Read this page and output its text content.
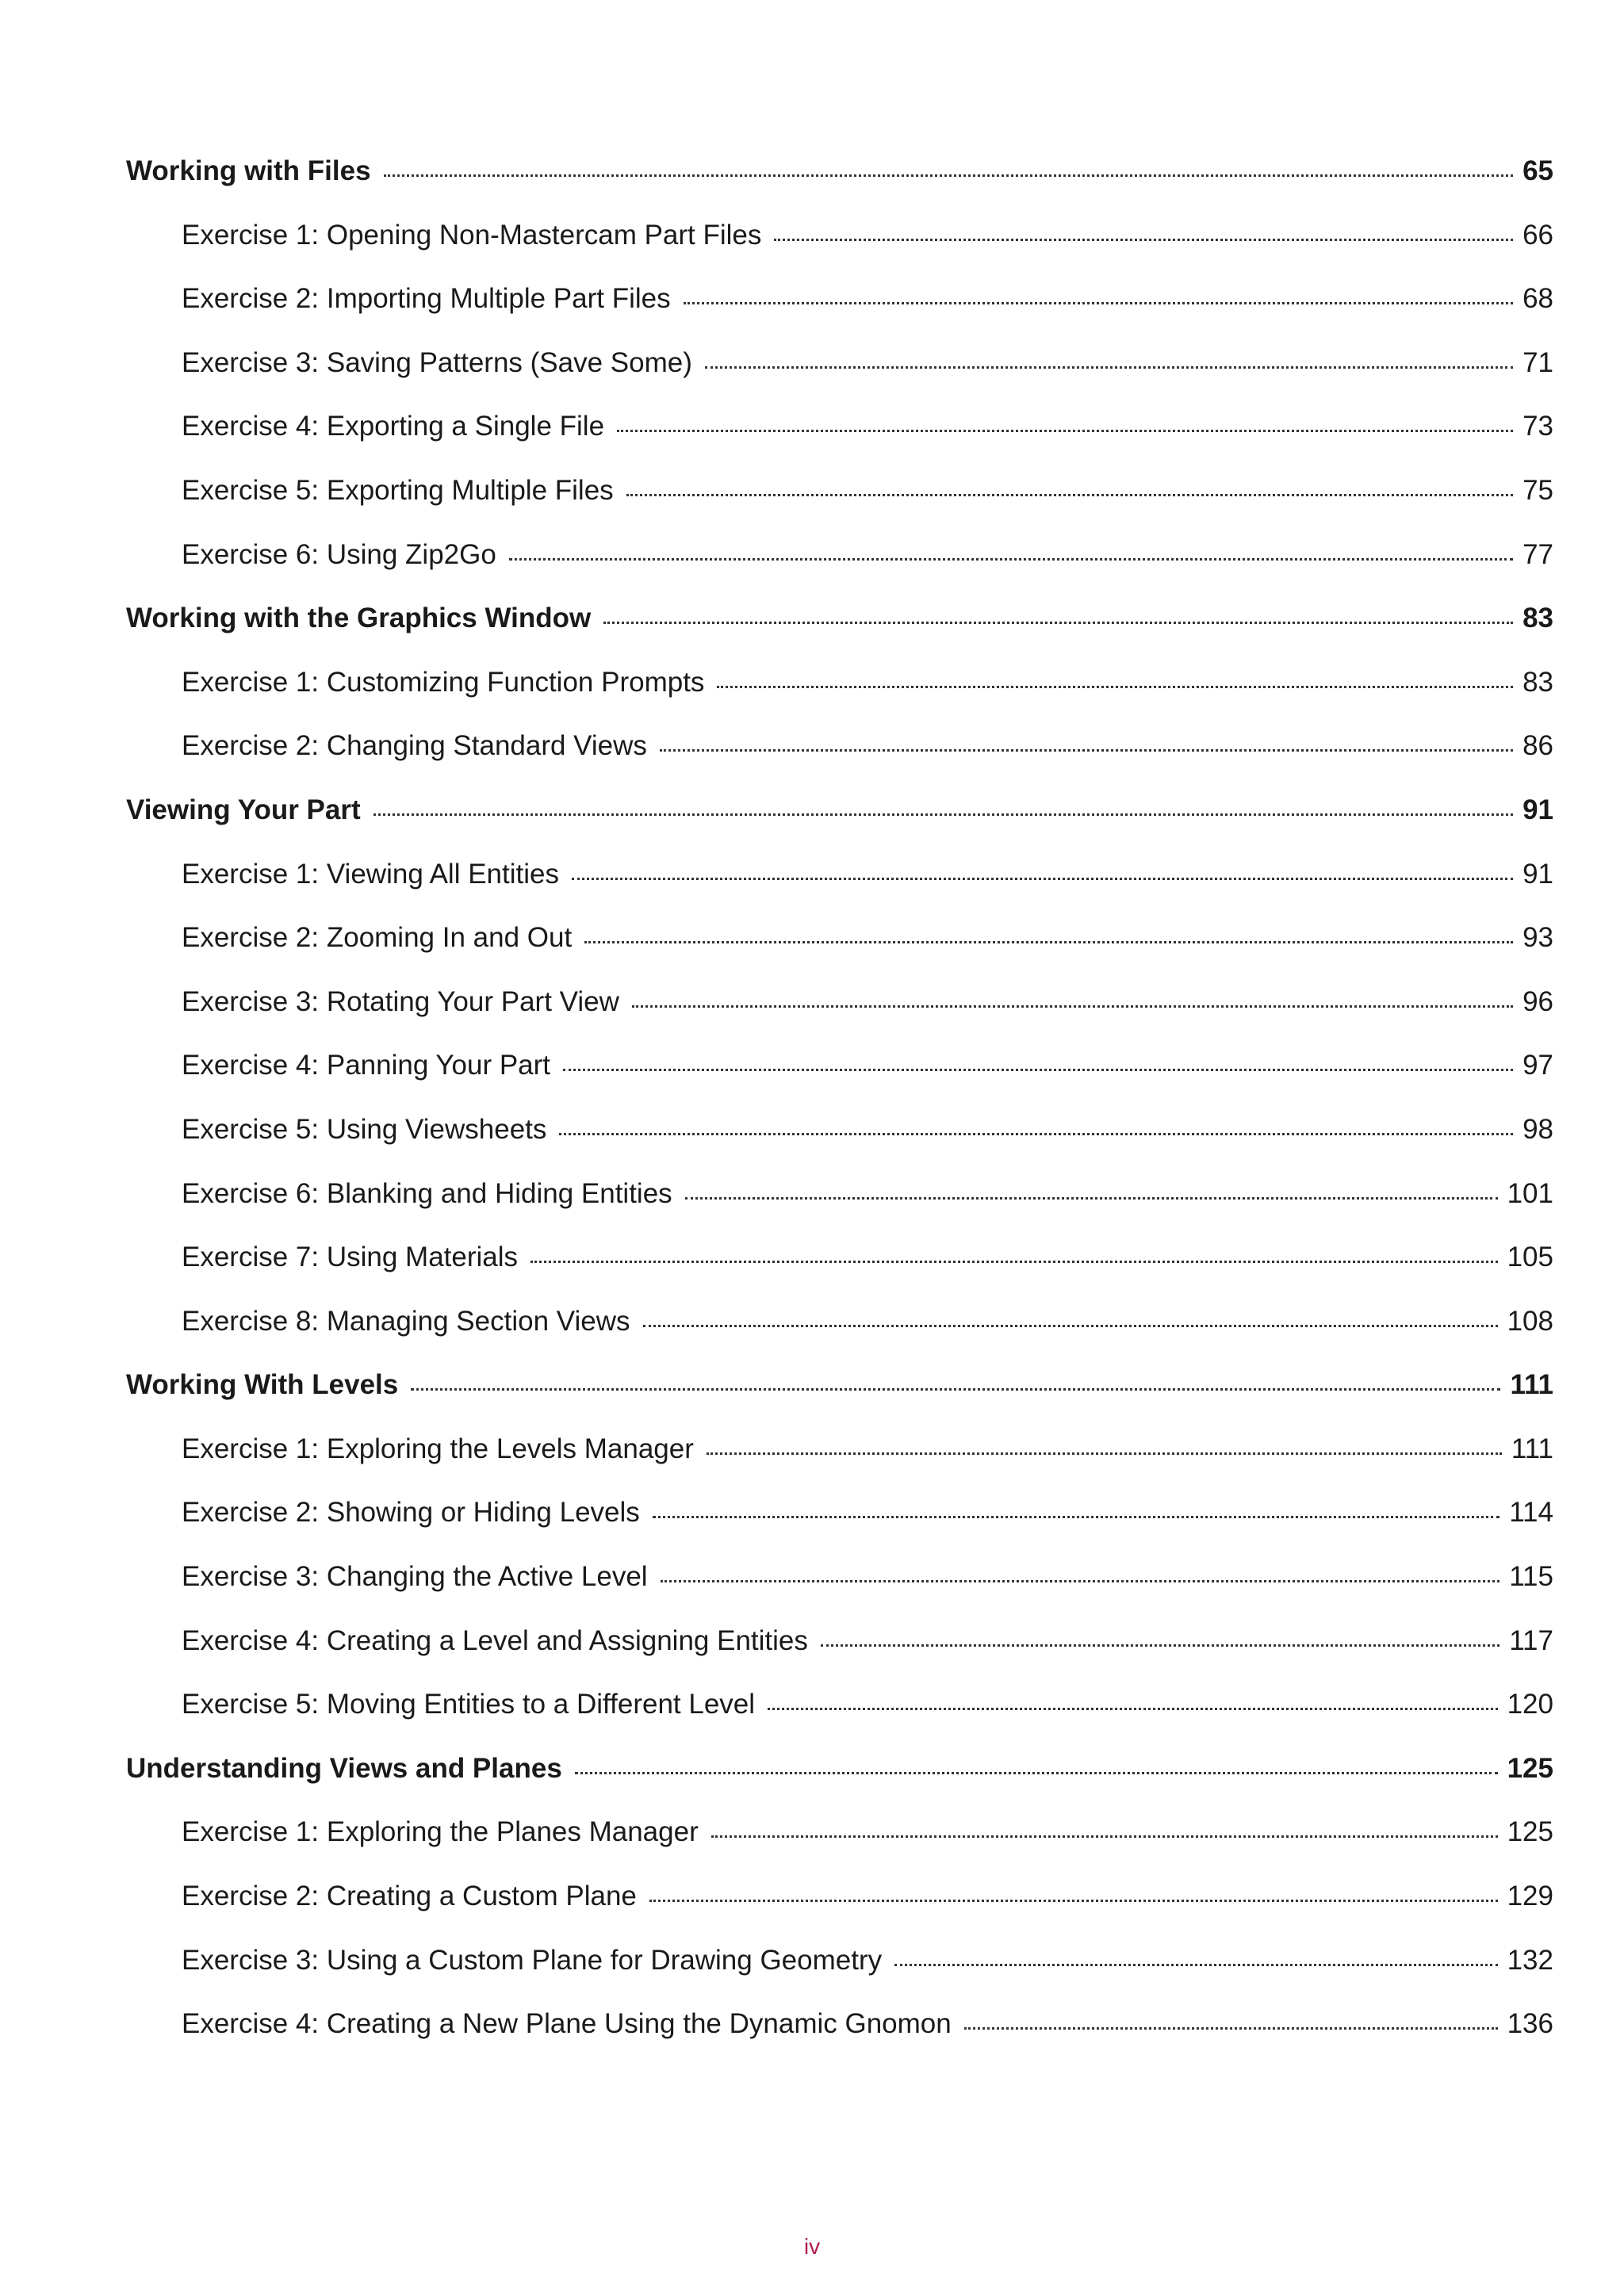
Working with Files	65
Exercise 1: Opening Non-Mastercam Part Files	66
Exercise 2: Importing Multiple Part Files	68
Exercise 3: Saving Patterns (Save Some)	71
Exercise 4: Exporting a Single File	73
Exercise 5: Exporting Multiple Files	75
Exercise 6: Using Zip2Go	77
Working with the Graphics Window	83
Exercise 1: Customizing Function Prompts	83
Exercise 2: Changing Standard Views	86
Viewing Your Part	91
Exercise 1: Viewing All Entities	91
Exercise 2: Zooming In and Out	93
Exercise 3: Rotating Your Part View	96
Exercise 4: Panning Your Part	97
Exercise 5: Using Viewsheets	98
Exercise 6: Blanking and Hiding Entities	101
Exercise 7: Using Materials	105
Exercise 8: Managing Section Views	108
Working With Levels	111
Exercise 1: Exploring the Levels Manager	111
Exercise 2: Showing or Hiding Levels	114
Exercise 3: Changing the Active Level	115
Exercise 4: Creating a Level and Assigning Entities	117
Exercise 5: Moving Entities to a Different Level	120
Understanding Views and Planes	125
Exercise 1: Exploring the Planes Manager	125
Exercise 2: Creating a Custom Plane	129
Exercise 3: Using a Custom Plane for Drawing Geometry	132
Exercise 4: Creating a New Plane Using the Dynamic Gnomon	136
iv
